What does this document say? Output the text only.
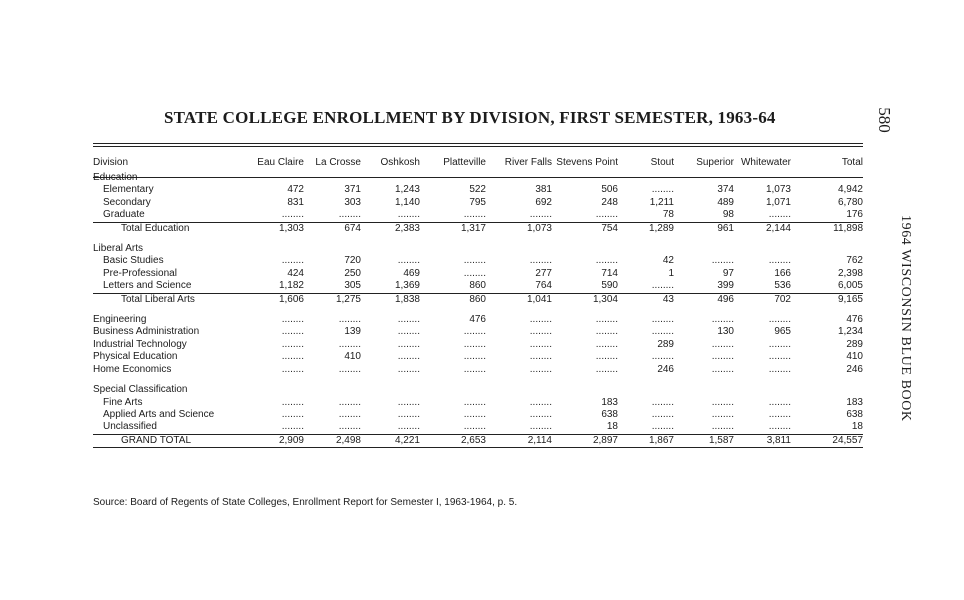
STATE COLLEGE ENROLLMENT BY DIVISION, FIRST SEMESTER, 1963-64	580
1964 WISCONSIN BLUE BOOK
Division	Eau Claire	La Crosse	Oshkosh	Platteville	River Falls	Stevens Point	Stout	Superior	Whitewater	Total
Education										
Elementary	472	371	1,243	522	381	506	........	374	1,073	4,942
Secondary	831	303	1,140	795	692	248	1,211	489	1,071	6,780
Graduate	........	........	........	........	........	........	78	98	........	176
Total Education	1,303	674	2,383	1,317	1,073	754	1,289	961	2,144	11,898

Liberal Arts										
Basic Studies	........	720	........	........	........	........	42	........	........	762
Pre-Professional	424	250	469	........	277	714	1	97	166	2,398
Letters and Science	1,182	305	1,369	860	764	590	........	399	536	6,005
Total Liberal Arts	1,606	1,275	1,838	860	1,041	1,304	43	496	702	9,165

Engineering	........	........	........	476	........	........	........	........	........	476
Business Administration	........	139	........	........	........	........	........	130	965	1,234
Industrial Technology	........	........	........	........	........	........	289	........	........	289
Physical Education	........	410	........	........	........	........	........	........	........	410
Home Economics	........	........	........	........	........	........	246	........	........	246

Special Classification										
Fine Arts	........	........	........	........	........	183	........	........	........	183
Applied Arts and Science	........	........	........	........	........	638	........	........	........	638
Unclassified	........	........	........	........	........	18	........	........	........	18
GRAND TOTAL	2,909	2,498	4,221	2,653	2,114	2,897	1,867	1,587	3,811	24,557
Source: Board of Regents of State Colleges, Enrollment Report for Semester I, 1963-1964, p. 5.
